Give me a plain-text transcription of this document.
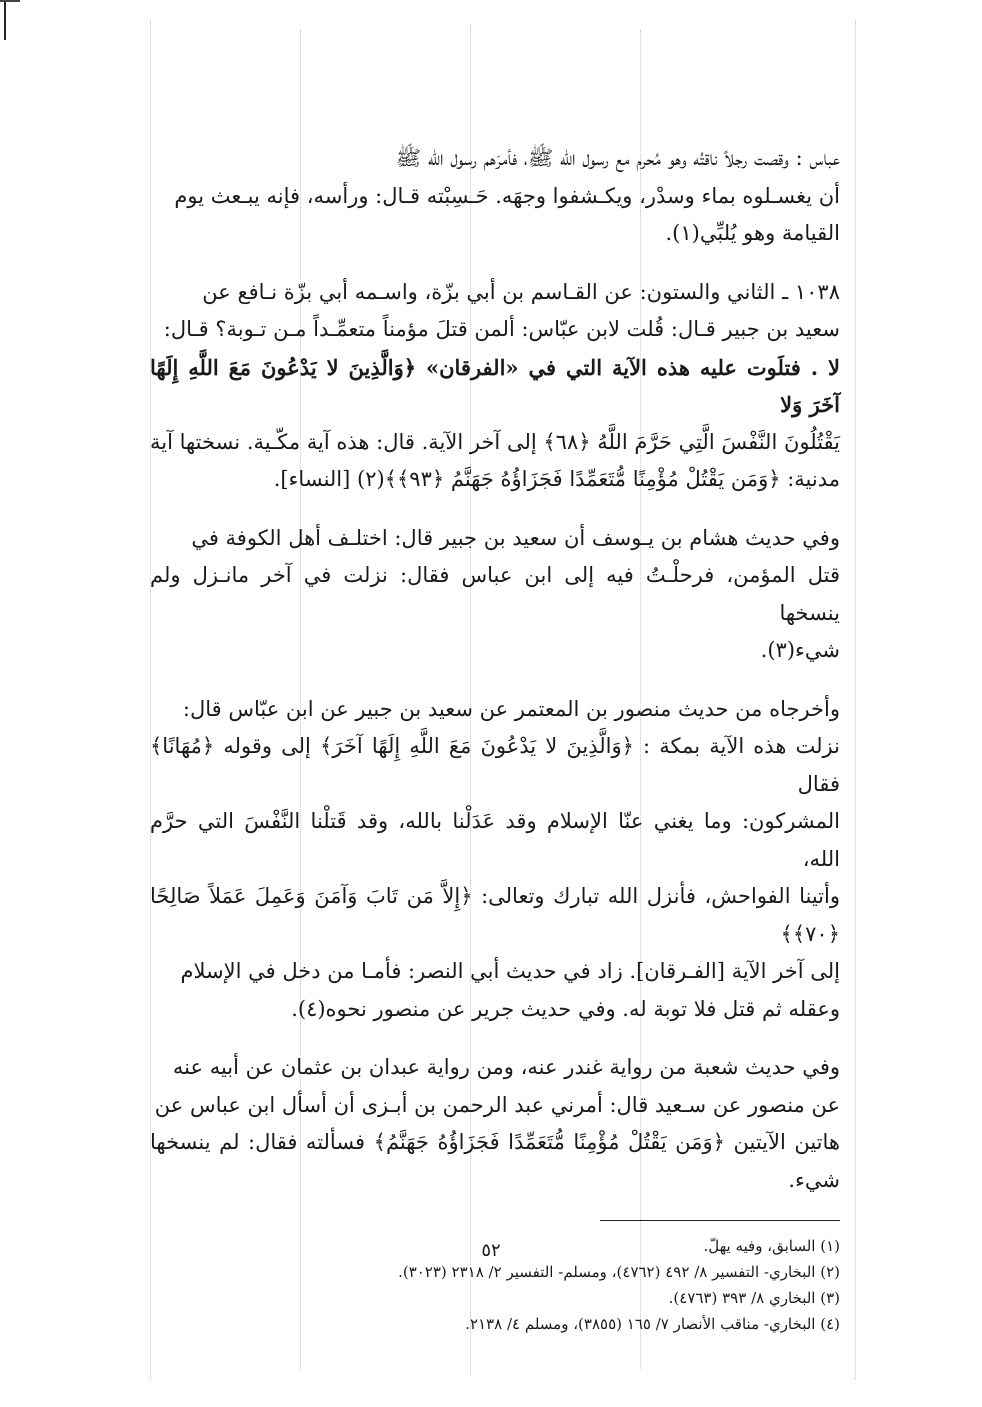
عباس : وقصت رجلاً ناقتُه وهو مُحرم مع رسول الله ﷺ، فأمرَهم رسول الله ﷺ

أن يغسـلوه بماء وسدْر، ويكـشفوا وجهَه. حَـسِبْته قـال: ورأسه، فإنه يبـعث يوم

القيامة وهو يُلبِّي(١).

١٠٣٨ ـ الثاني والستون: عن القـاسم بن أبي بزّة، واسـمه أبي بزّة نـافع عن

سعيد بن جبير قـال: قُلت لابن عبّاس: ألمن قتلَ مؤمناً متعمِّـداً مـن تـوبة؟ قـال:

لا . فتلَوت عليه هذه الآية التي في «الفرقان» ﴿وَالَّذِينَ لا يَدْعُونَ مَعَ اللَّهِ إِلَهًا آخَرَ وَلا

يَقْتُلُونَ النَّفْسَ الَّتِي حَرَّمَ اللَّهُ ﴿٦٨﴾ إلى آخر الآية. قال: هذه آية مكّـية. نسختها آية

مدنية: ﴿وَمَن يَقْتُلْ مُؤْمِنًا مُّتَعَمِّدًا فَجَزَاؤُهُ جَهَنَّمُ ﴿٩٣﴾﴾(٢) [النساء].

وفي حديث هشام بن يـوسف أن سعيد بن جبير قال: اختلـف أهل الكوفة في

قتل المؤمن، فرحلْـتُ فيه إلى ابن عباس فقال: نزلت في آخر مانـزل ولم ينسخها

شيء(٣).

وأخرجاه من حديث منصور بن المعتمر عن سعيد بن جبير عن ابن عبّاس قال:

نزلت هذه الآية بمكة : ﴿وَالَّذِينَ لا يَدْعُونَ مَعَ اللَّهِ إِلَهًا آخَرَ﴾ إلى وقوله ﴿مُهَانًا﴾ فقال

المشركون: وما يغني عنّا الإسلام وقد عَدَلْنا بالله، وقد قَتلْنا النَّفْسَ التي حرَّم الله،

وأتينا الفواحش، فأنزل الله تبارك وتعالى: ﴿إِلاَّ مَن تَابَ وَآمَنَ وَعَمِلَ عَمَلاً صَالِحًا ﴿٧٠﴾﴾

إلى آخر الآية [الفـرقان]. زاد في حديث أبي النصر: فأمـا من دخل في الإسلام

وعقله ثم قتل فلا توبة له. وفي حديث جرير عن منصور نحوه(٤).

وفي حديث شعبة من رواية غندر عنه، ومن رواية عبدان بن عثمان عن أبيه عنه

عن منصور عن سـعيد قال: أمرني عبد الرحمن بن أبـزى أن أسأل ابن عباس عن

هاتين الآيتين ﴿وَمَن يَقْتُلْ مُؤْمِنًا مُّتَعَمِّدًا فَجَزَاؤُهُ جَهَنَّمُ﴾ فسألته فقال: لم ينسخها شيء.

(١) السابق، وفيه يهلّ.

(٢) البخاري- التفسير ٨/ ٤٩٢ (٤٧٦٢)، ومسلم- التفسير ٢/ ٢٣١٨ (٣٠٢٣).

(٣) البخاري ٨/ ٣٩٣ (٤٧٦٣).

(٤) البخاري- مناقب الأنصار ٧/ ١٦٥ (٣٨٥٥)، ومسلم ٤/ ٢١٣٨.

٥٢
